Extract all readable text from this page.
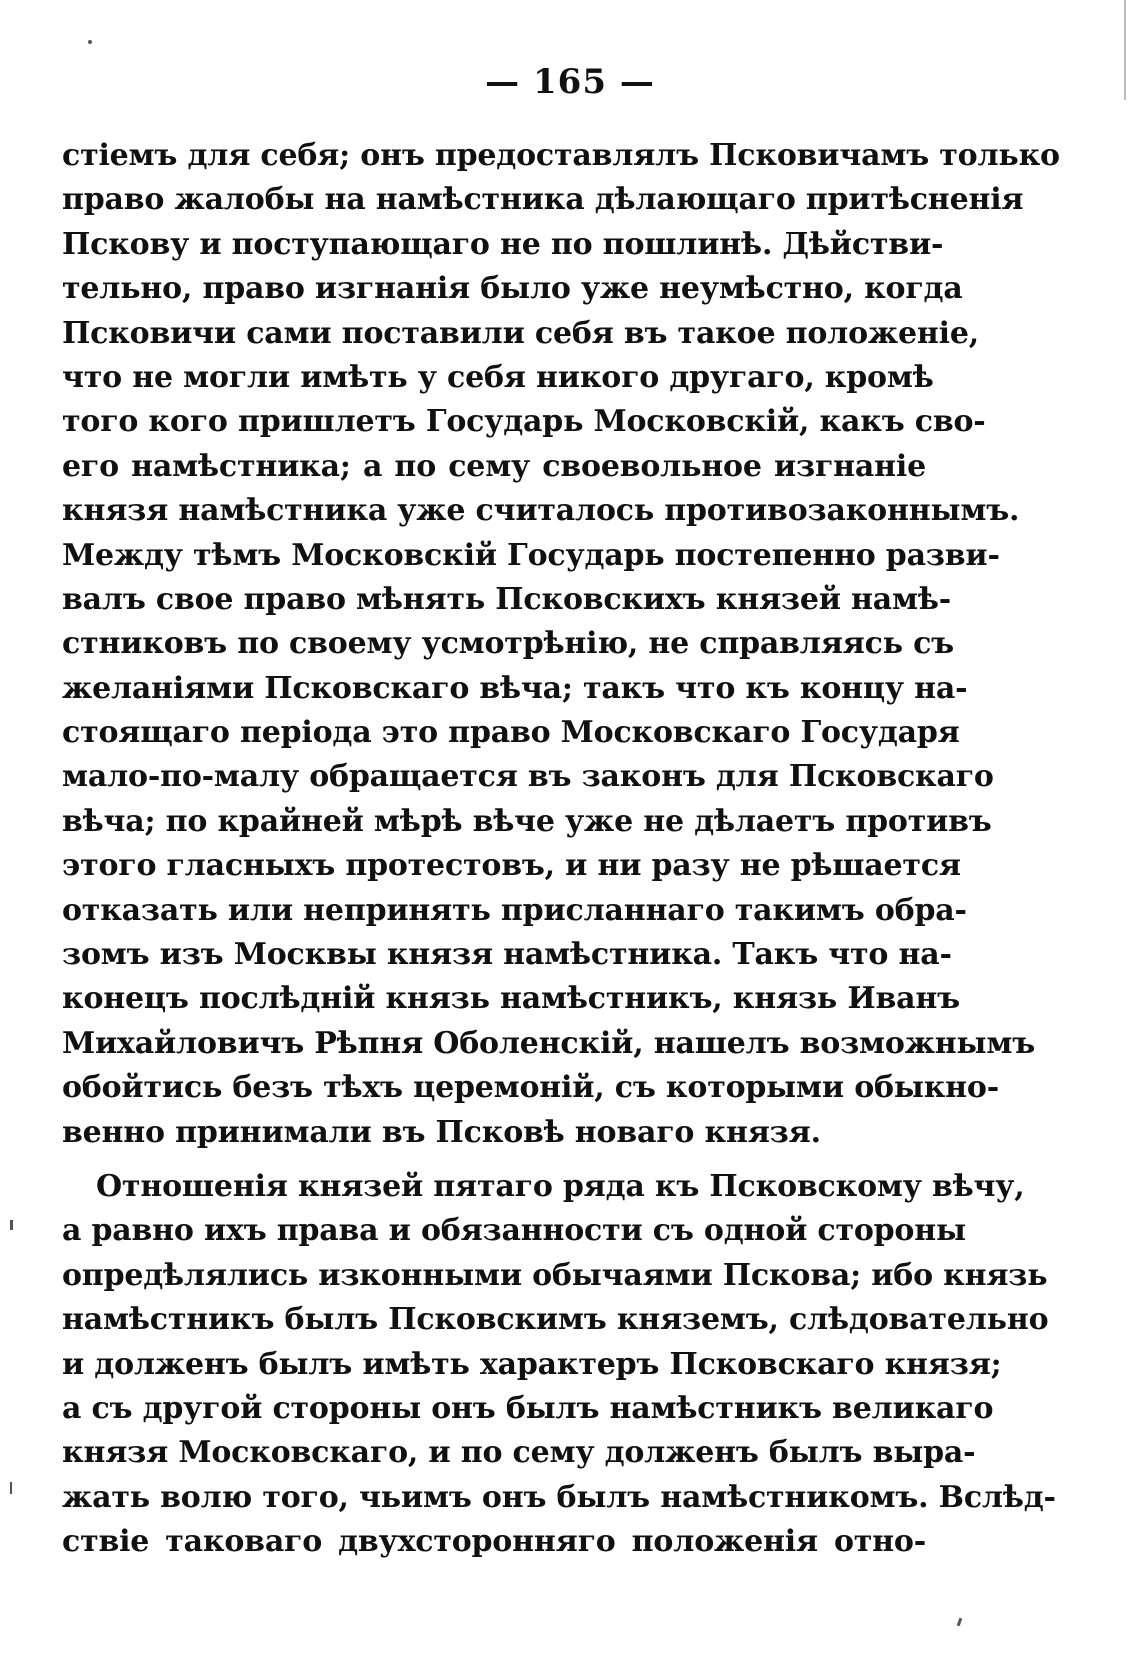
— 165 —
стіемъ для себя; онъ предоставлялъ Псковичамъ только
право жалобы на намѣстника дѣлающаго притѣсненія
Пскову и поступающаго не по пошлинѣ. Дѣйстви-
тельно, право изгнанія было уже неумѣстно, когда
Псковичи сами поставили себя въ такое положеніе,
что не могли имѣть у себя никого другаго, кромѣ
того кого пришлетъ Государь Московскій, какъ сво-
его намѣстника; а по сему своевольное изгнаніе
князя намѣстника уже считалось противозаконнымъ.
Между тѣмъ Московскій Государь постепенно разви-
валъ свое право мѣнять Псковскихъ князей намѣ-
стниковъ по своему усмотрѣнію, не справляясь съ
желаніями Псковскаго вѣча; такъ что къ концу на-
стоящаго періода это право Московскаго Государя
мало-по-малу обращается въ законъ для Псковскаго
вѣча; по крайней мѣрѣ вѣче уже не дѣлаетъ противъ
этого гласныхъ протестовъ, и ни разу не рѣшается
отказать или непринять присланнаго такимъ обра-
зомъ изъ Москвы князя намѣстника. Такъ что на-
конецъ послѣдній князь намѣстникъ, князь Иванъ
Михайловичъ Рѣпня Оболенскій, нашелъ возможнымъ
обойтись безъ тѣхъ церемоній, съ которыми обыкно-
венно принимали въ Псковѣ новаго князя.
Отношенія князей пятаго ряда къ Псковскому вѣчу,
а равно ихъ права и обязанности съ одной стороны
опредѣлялись изконными обычаями Пскова; ибо князь
намѣстникъ былъ Псковскимъ княземъ, слѣдовательно
и долженъ былъ имѣть характеръ Псковскаго князя;
а съ другой стороны онъ былъ намѣстникъ великаго
князя Московскаго, и по сему долженъ былъ выра-
жать волю того, чьимъ онъ былъ намѣстникомъ. Вслѣд-
ствіе таковаго двухсторонняго положенія отно-
